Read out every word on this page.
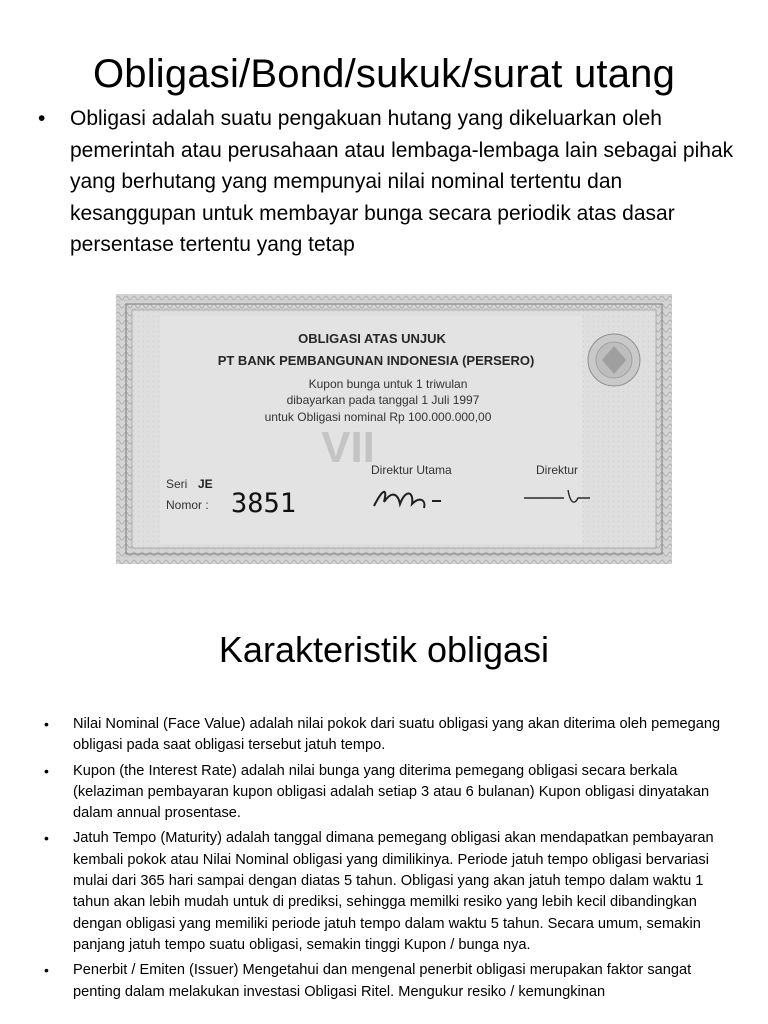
Obligasi/Bond/sukuk/surat utang
• Obligasi adalah suatu pengakuan hutang yang dikeluarkan oleh pemerintah atau perusahaan atau lembaga-lembaga lain sebagai pihak yang berhutang yang mempunyai nilai nominal tertentu dan kesanggupan untuk membayar bunga secara periodik atas dasar persentase tertentu yang tetap
OBLIGASI ATAS UNJUK
PT BANK PEMBANGUNAN INDONESIA (PERSERO)
Kupon bunga untuk 1 triwulan
dibayarkan pada tanggal 1 Juli 1997
untuk Obligasi nominal Rp 100.000.000,00
VII
Direktur Utama	Direktur
Seri JE
Nomor : 3851
Karakteristik obligasi
• Nilai Nominal (Face Value) adalah nilai pokok dari suatu obligasi yang akan diterima oleh pemegang obligasi pada saat obligasi tersebut jatuh tempo.
• Kupon (the Interest Rate) adalah nilai bunga yang diterima pemegang obligasi secara berkala (kelaziman pembayaran kupon obligasi adalah setiap 3 atau 6 bulanan) Kupon obligasi dinyatakan dalam annual prosentase.
• Jatuh Tempo (Maturity) adalah tanggal dimana pemegang obligasi akan mendapatkan pembayaran kembali pokok atau Nilai Nominal obligasi yang dimilikinya. Periode jatuh tempo obligasi bervariasi mulai dari 365 hari sampai dengan diatas 5 tahun. Obligasi yang akan jatuh tempo dalam waktu 1 tahun akan lebih mudah untuk di prediksi, sehingga memilki resiko yang lebih kecil dibandingkan dengan obligasi yang memiliki periode jatuh tempo dalam waktu 5 tahun. Secara umum, semakin panjang jatuh tempo suatu obligasi, semakin tinggi Kupon / bunga nya.
• Penerbit / Emiten (Issuer) Mengetahui dan mengenal penerbit obligasi merupakan faktor sangat penting dalam melakukan investasi Obligasi Ritel. Mengukur resiko / kemungkinan
